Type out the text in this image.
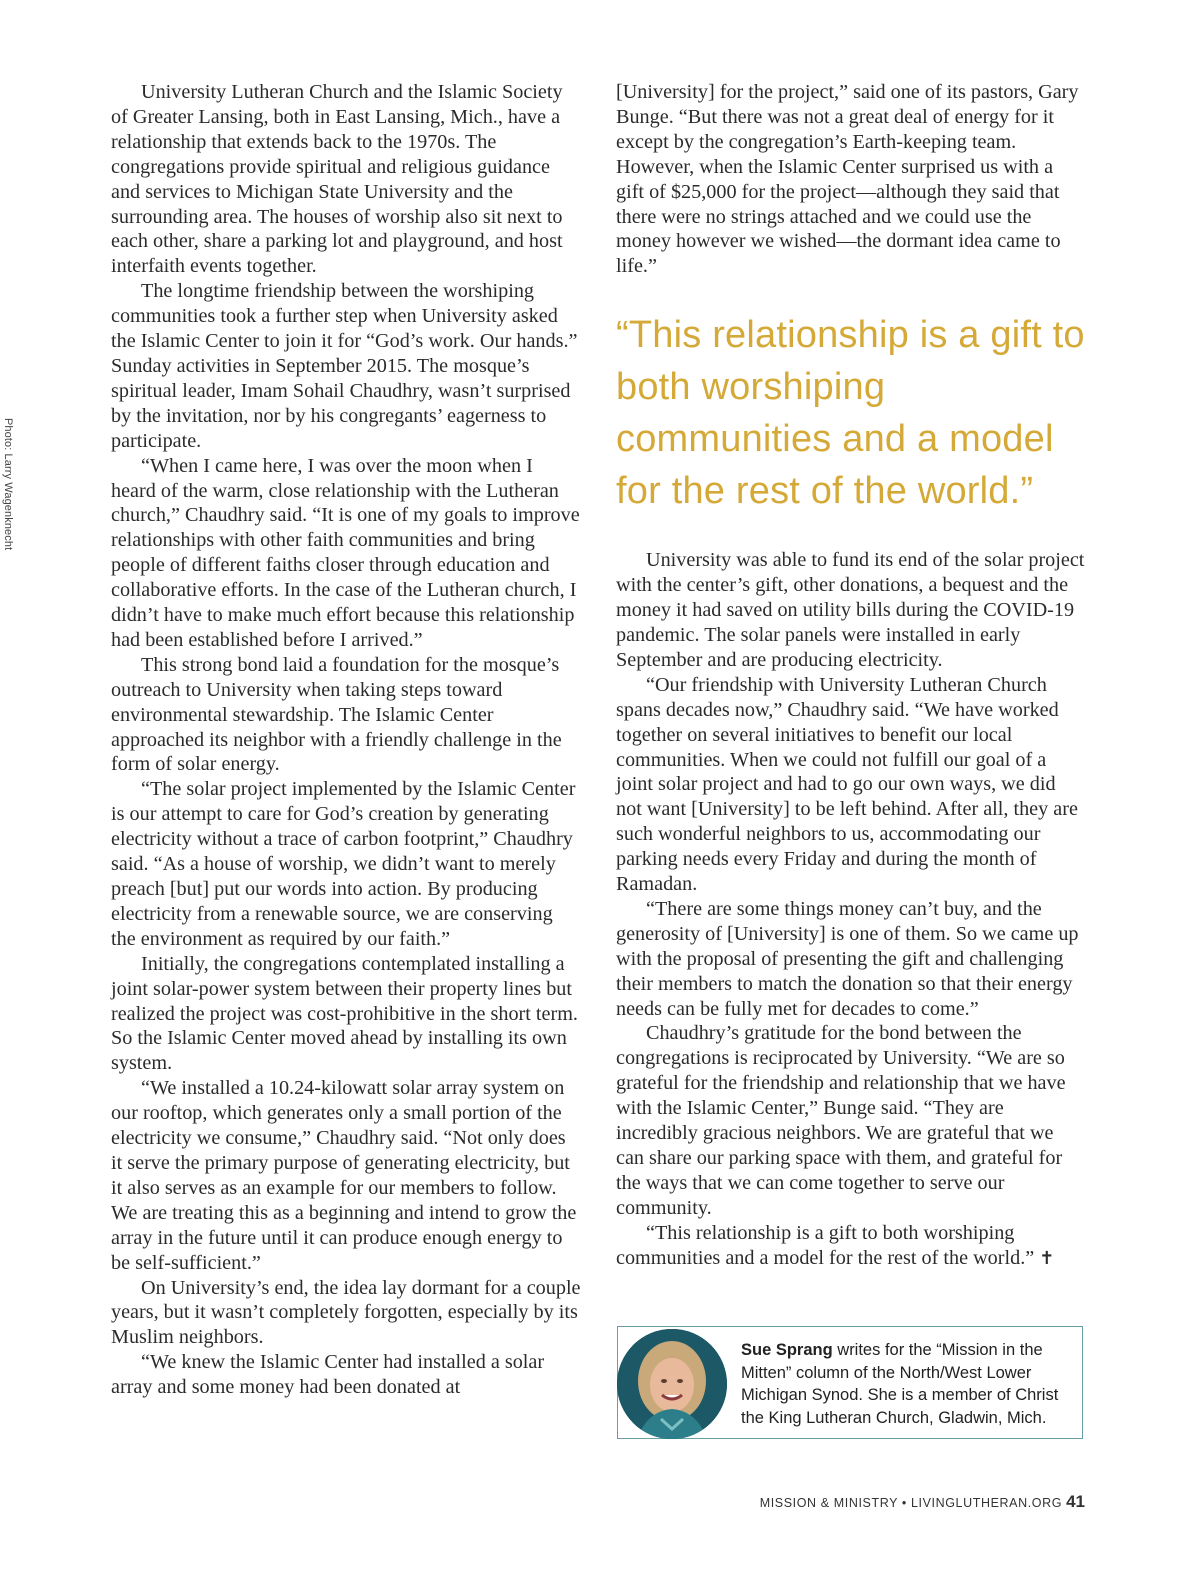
Photo: Larry Wagenknecht

University Lutheran Church and the Islamic Society of Greater Lansing, both in East Lansing, Mich., have a relationship that extends back to the 1970s. The congregations provide spiritual and religious guidance and services to Michigan State University and the surrounding area. The houses of worship also sit next to each other, share a parking lot and playground, and host interfaith events together.

The longtime friendship between the worshiping communities took a further step when University asked the Islamic Center to join it for “God’s work. Our hands.” Sunday activities in September 2015. The mosque’s spiritual leader, Imam Sohail Chaudhry, wasn’t surprised by the invitation, nor by his congregants’ eagerness to participate.

“When I came here, I was over the moon when I heard of the warm, close relationship with the Lutheran church,” Chaudhry said. “It is one of my goals to improve relationships with other faith communities and bring people of different faiths closer through education and collaborative efforts. In the case of the Lutheran church, I didn’t have to make much effort because this relationship had been established before I arrived.”

This strong bond laid a foundation for the mosque’s outreach to University when taking steps toward environmental stewardship. The Islamic Center approached its neighbor with a friendly challenge in the form of solar energy.

“The solar project implemented by the Islamic Center is our attempt to care for God’s creation by generating electricity without a trace of carbon footprint,” Chaudhry said. “As a house of worship, we didn’t want to merely preach [but] put our words into action. By producing electricity from a renewable source, we are conserving the environment as required by our faith.”

Initially, the congregations contemplated installing a joint solar-power system between their property lines but realized the project was cost-prohibitive in the short term. So the Islamic Center moved ahead by installing its own system.

“We installed a 10.24-kilowatt solar array system on our rooftop, which generates only a small portion of the electricity we consume,” Chaudhry said. “Not only does it serve the primary purpose of generating electricity, but it also serves as an example for our members to follow. We are treating this as a beginning and intend to grow the array in the future until it can produce enough energy to be self-sufficient.”

On University’s end, the idea lay dormant for a couple years, but it wasn’t completely forgotten, especially by its Muslim neighbors.

“We knew the Islamic Center had installed a solar array and some money had been donated at

[University] for the project,” said one of its pastors, Gary Bunge. “But there was not a great deal of energy for it except by the congregation’s Earth-keeping team. However, when the Islamic Center surprised us with a gift of $25,000 for the project—although they said that there were no strings attached and we could use the money however we wished—the dormant idea came to life.”

“This relationship is a gift to both worshiping communities and a model for the rest of the world.”

University was able to fund its end of the solar project with the center’s gift, other donations, a bequest and the money it had saved on utility bills during the COVID-19 pandemic. The solar panels were installed in early September and are producing electricity.

“Our friendship with University Lutheran Church spans decades now,” Chaudhry said. “We have worked together on several initiatives to benefit our local communities. When we could not fulfill our goal of a joint solar project and had to go our own ways, we did not want [University] to be left behind. After all, they are such wonderful neighbors to us, accommodating our parking needs every Friday and during the month of Ramadan.

“There are some things money can’t buy, and the generosity of [University] is one of them. So we came up with the proposal of presenting the gift and challenging their members to match the donation so that their energy needs can be fully met for decades to come.”

Chaudhry’s gratitude for the bond between the congregations is reciprocated by University. “We are so grateful for the friendship and relationship that we have with the Islamic Center,” Bunge said. “They are incredibly gracious neighbors. We are grateful that we can share our parking space with them, and grateful for the ways that we can come together to serve our community.

“This relationship is a gift to both worshiping communities and a model for the rest of the world.” ✝

Sue Sprang writes for the “Mission in the Mitten” column of the North/West Lower Michigan Synod. She is a member of Christ the King Lutheran Church, Gladwin, Mich.
MISSION & MINISTRY • LIVINGLUTHERAN.ORG 41
